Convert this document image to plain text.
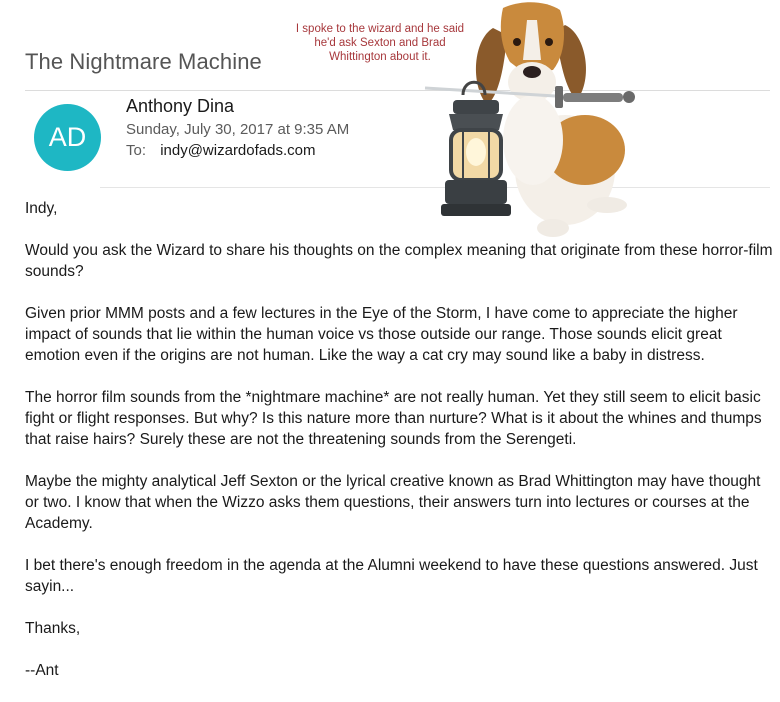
The Nightmare Machine
AD
Anthony Dina
Sunday, July 30, 2017 at 9:35 AM
To: indy@wizardofads.com

Indy,

Would you ask the Wizard to share his thoughts on the complex meaning that originate from these horror-film sounds?

Given prior MMM posts and a few lectures in the Eye of the Storm, I have come to appreciate the higher impact of sounds that lie within the human voice vs those outside our range. Those sounds elicit great emotion even if the origins are not human. Like the way a cat cry may sound like a baby in distress.

The horror film sounds from the *nightmare machine* are not really human. Yet they still seem to elicit basic fight or flight responses. But why? Is this nature more than nurture? What is it about the whines and thumps that raise hairs? Surely these are not the threatening sounds from the Serengeti.

Maybe the mighty analytical Jeff Sexton or the lyrical creative known as Brad Whittington may have thought or two. I know that when the Wizzo asks them questions, their answers turn into lectures or courses at the Academy.

I bet there's enough freedom in the agenda at the Alumni weekend to have these questions answered. Just sayin...

Thanks,

--Ant

I spoke to the wizard and he said he'd ask Sexton and Brad Whittington about it.
